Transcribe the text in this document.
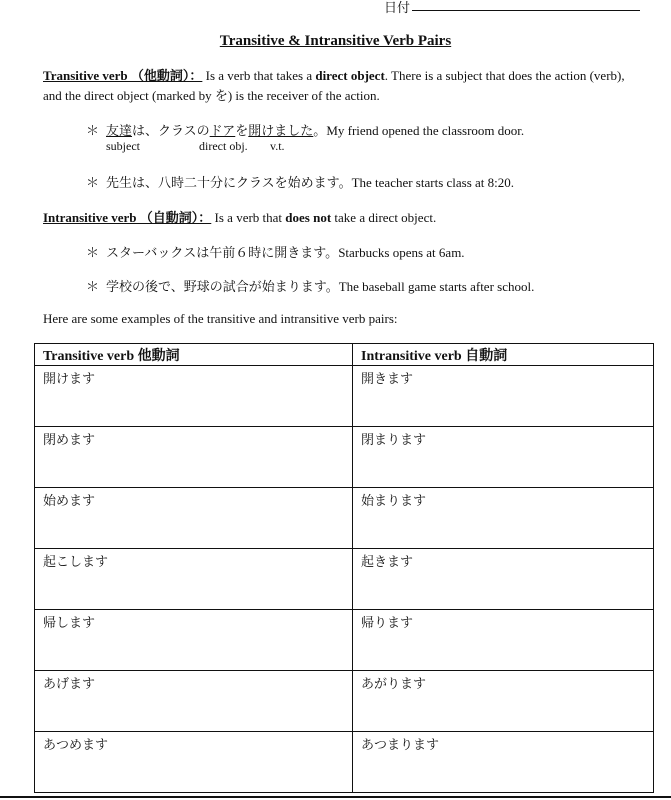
日付
Transitive & Intransitive Verb Pairs
Transitive verb （他動詞）： Is a verb that takes a direct object. There is a subject that does the action (verb), and the direct object (marked by を) is the receiver of the action.
＊ 友達は、クラスのドアを開けました。My friend opened the classroom door.
subject	direct obj. v.t.
＊ 先生は、八時二十分にクラスを始めます。The teacher starts class at 8:20.
Intransitive verb （自動詞）： Is a verb that does not take a direct object.
＊ スターバックスは午前６時に開きます。Starbucks opens at 6am.
＊ 学校の後で、野球の試合が始まります。The baseball game starts after school.
Here are some examples of the transitive and intransitive verb pairs:
Transitive verb 他動詞	Intransitive verb 自動詞
開けます	開きます
閉めます	閉まります
始めます	始まります
起こします	起きます
帰します	帰ります
あげます	あがります
あつめます	あつまります
